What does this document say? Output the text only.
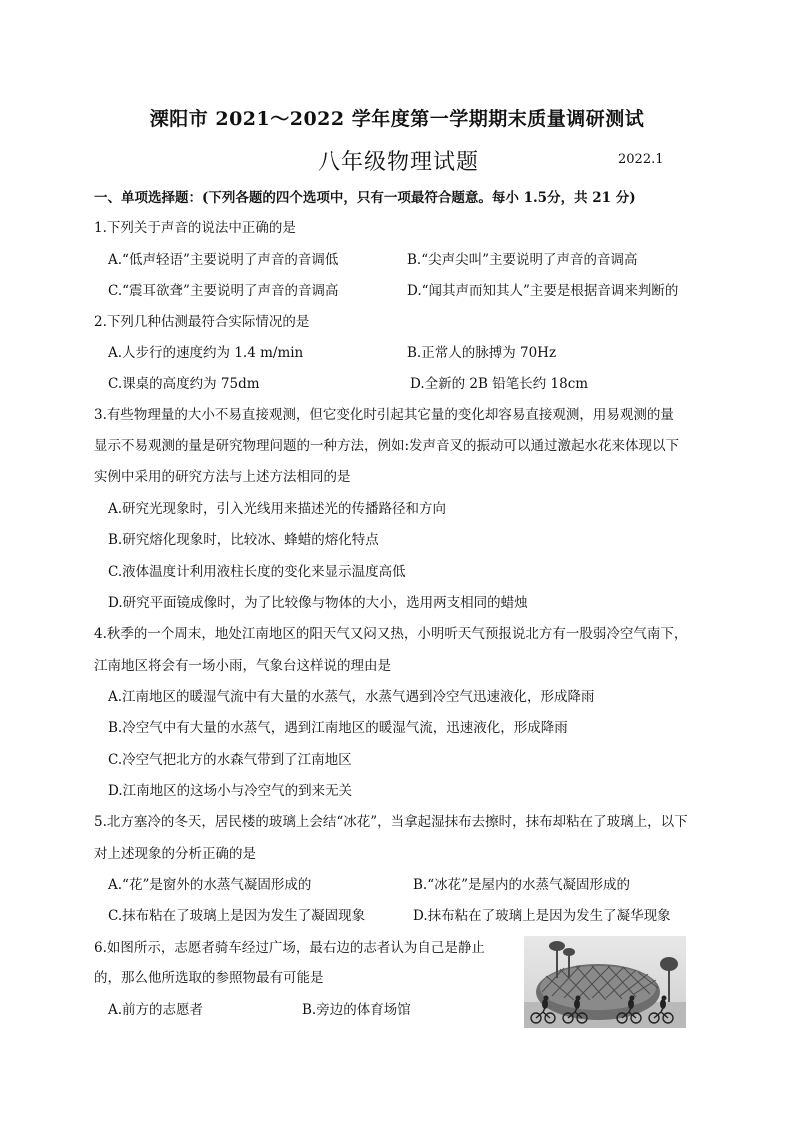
溧阳市 2021～2022 学年度第一学期期末质量调研测试
八年级物理试题	2022.1
一、单项选择题：(下列各题的四个选项中，只有一项最符合题意。每小 1.5分，共 21 分)
1.下列关于声音的说法中正确的是
A.“低声轻语”主要说明了声音的音调低	B.“尖声尖叫”主要说明了声音的音调高
C.“震耳欲聋”主要说明了声音的音调高	D.“闻其声而知其人”主要是根据音调来判断的
2.下列几种估测最符合实际情况的是
A.人步行的速度约为 1.4 m/min	B.正常人的脉搏为 70Hz
C.课桌的高度约为 75dm	D.全新的 2B 铅笔长约 18cm
3.有些物理量的大小不易直接观测，但它变化时引起其它量的变化却容易直接观测，用易观测的量
显示不易观测的量是研究物理问题的一种方法，例如:发声音叉的振动可以通过激起水花来体现以下
实例中采用的研究方法与上述方法相同的是
A.研究光现象时，引入光线用来描述光的传播路径和方向
B.研究熔化现象时，比较冰、蜂蜡的熔化特点
C.液体温度计利用液柱长度的变化来显示温度高低
D.研究平面镜成像时，为了比较像与物体的大小，选用两支相同的蜡烛
4.秋季的一个周末，地处江南地区的阳天气又闷又热，小明听天气预报说北方有一股弱冷空气南下，
江南地区将会有一场小雨，气象台这样说的理由是
A.江南地区的暖湿气流中有大量的水蒸气，水蒸气遇到冷空气迅速液化，形成降雨
B.冷空气中有大量的水蒸气，遇到江南地区的暖湿气流，迅速液化，形成降雨
C.冷空气把北方的水森气带到了江南地区
D.江南地区的这场小与冷空气的到来无关
5.北方塞冷的冬天，居民楼的玻璃上会结“冰花”，当拿起湿抹布去擦时，抹布却粘在了玻璃上，以下
对上述现象的分析正确的是
A.“花”是窗外的水蒸气凝固形成的	B.“冰花”是屋内的水蒸气凝固形成的
C.抹布粘在了玻璃上是因为发生了凝固现象	D.抹布粘在了玻璃上是因为发生了凝华现象
6.如图所示，志愿者骑车经过广场，最右边的志者认为自己是静止
的，那么他所选取的参照物最有可能是
A.前方的志愿者	B.旁边的体育场馆
